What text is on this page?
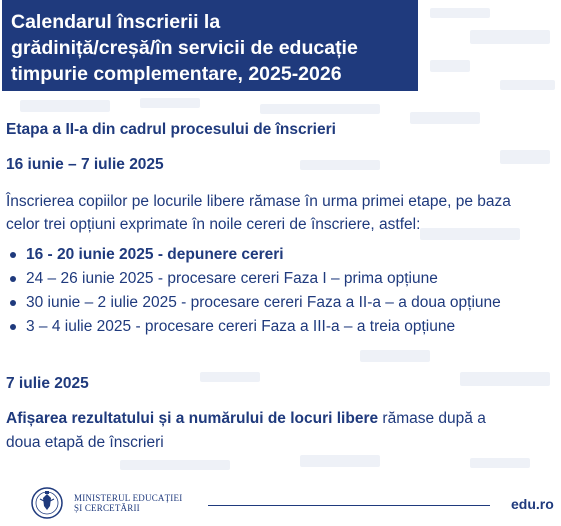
Calendarul înscrierii la
grădiniță/creșă/în servicii de educație
timpurie complementare, 2025-2026
Etapa a II-a din cadrul procesului de înscrieri
16 iunie – 7 iulie 2025
Înscrierea copiilor pe locurile libere rămase în urma primei etape, pe baza
celor trei opțiuni exprimate în noile cereri de înscriere, astfel:
16 - 20 iunie 2025 - depunere cereri
24 – 26 iunie 2025 - procesare cereri Faza I – prima opțiune
30 iunie – 2 iulie 2025 - procesare cereri Faza a II-a – a doua opțiune
3 – 4 iulie 2025 - procesare cereri Faza a III-a – a treia opțiune
7 iulie 2025
Afișarea rezultatului și a numărului de locuri libere rămase după a
doua etapă de înscrieri
MINISTERUL EDUCAȚIEI
ȘI CERCETĂRII	edu.ro
